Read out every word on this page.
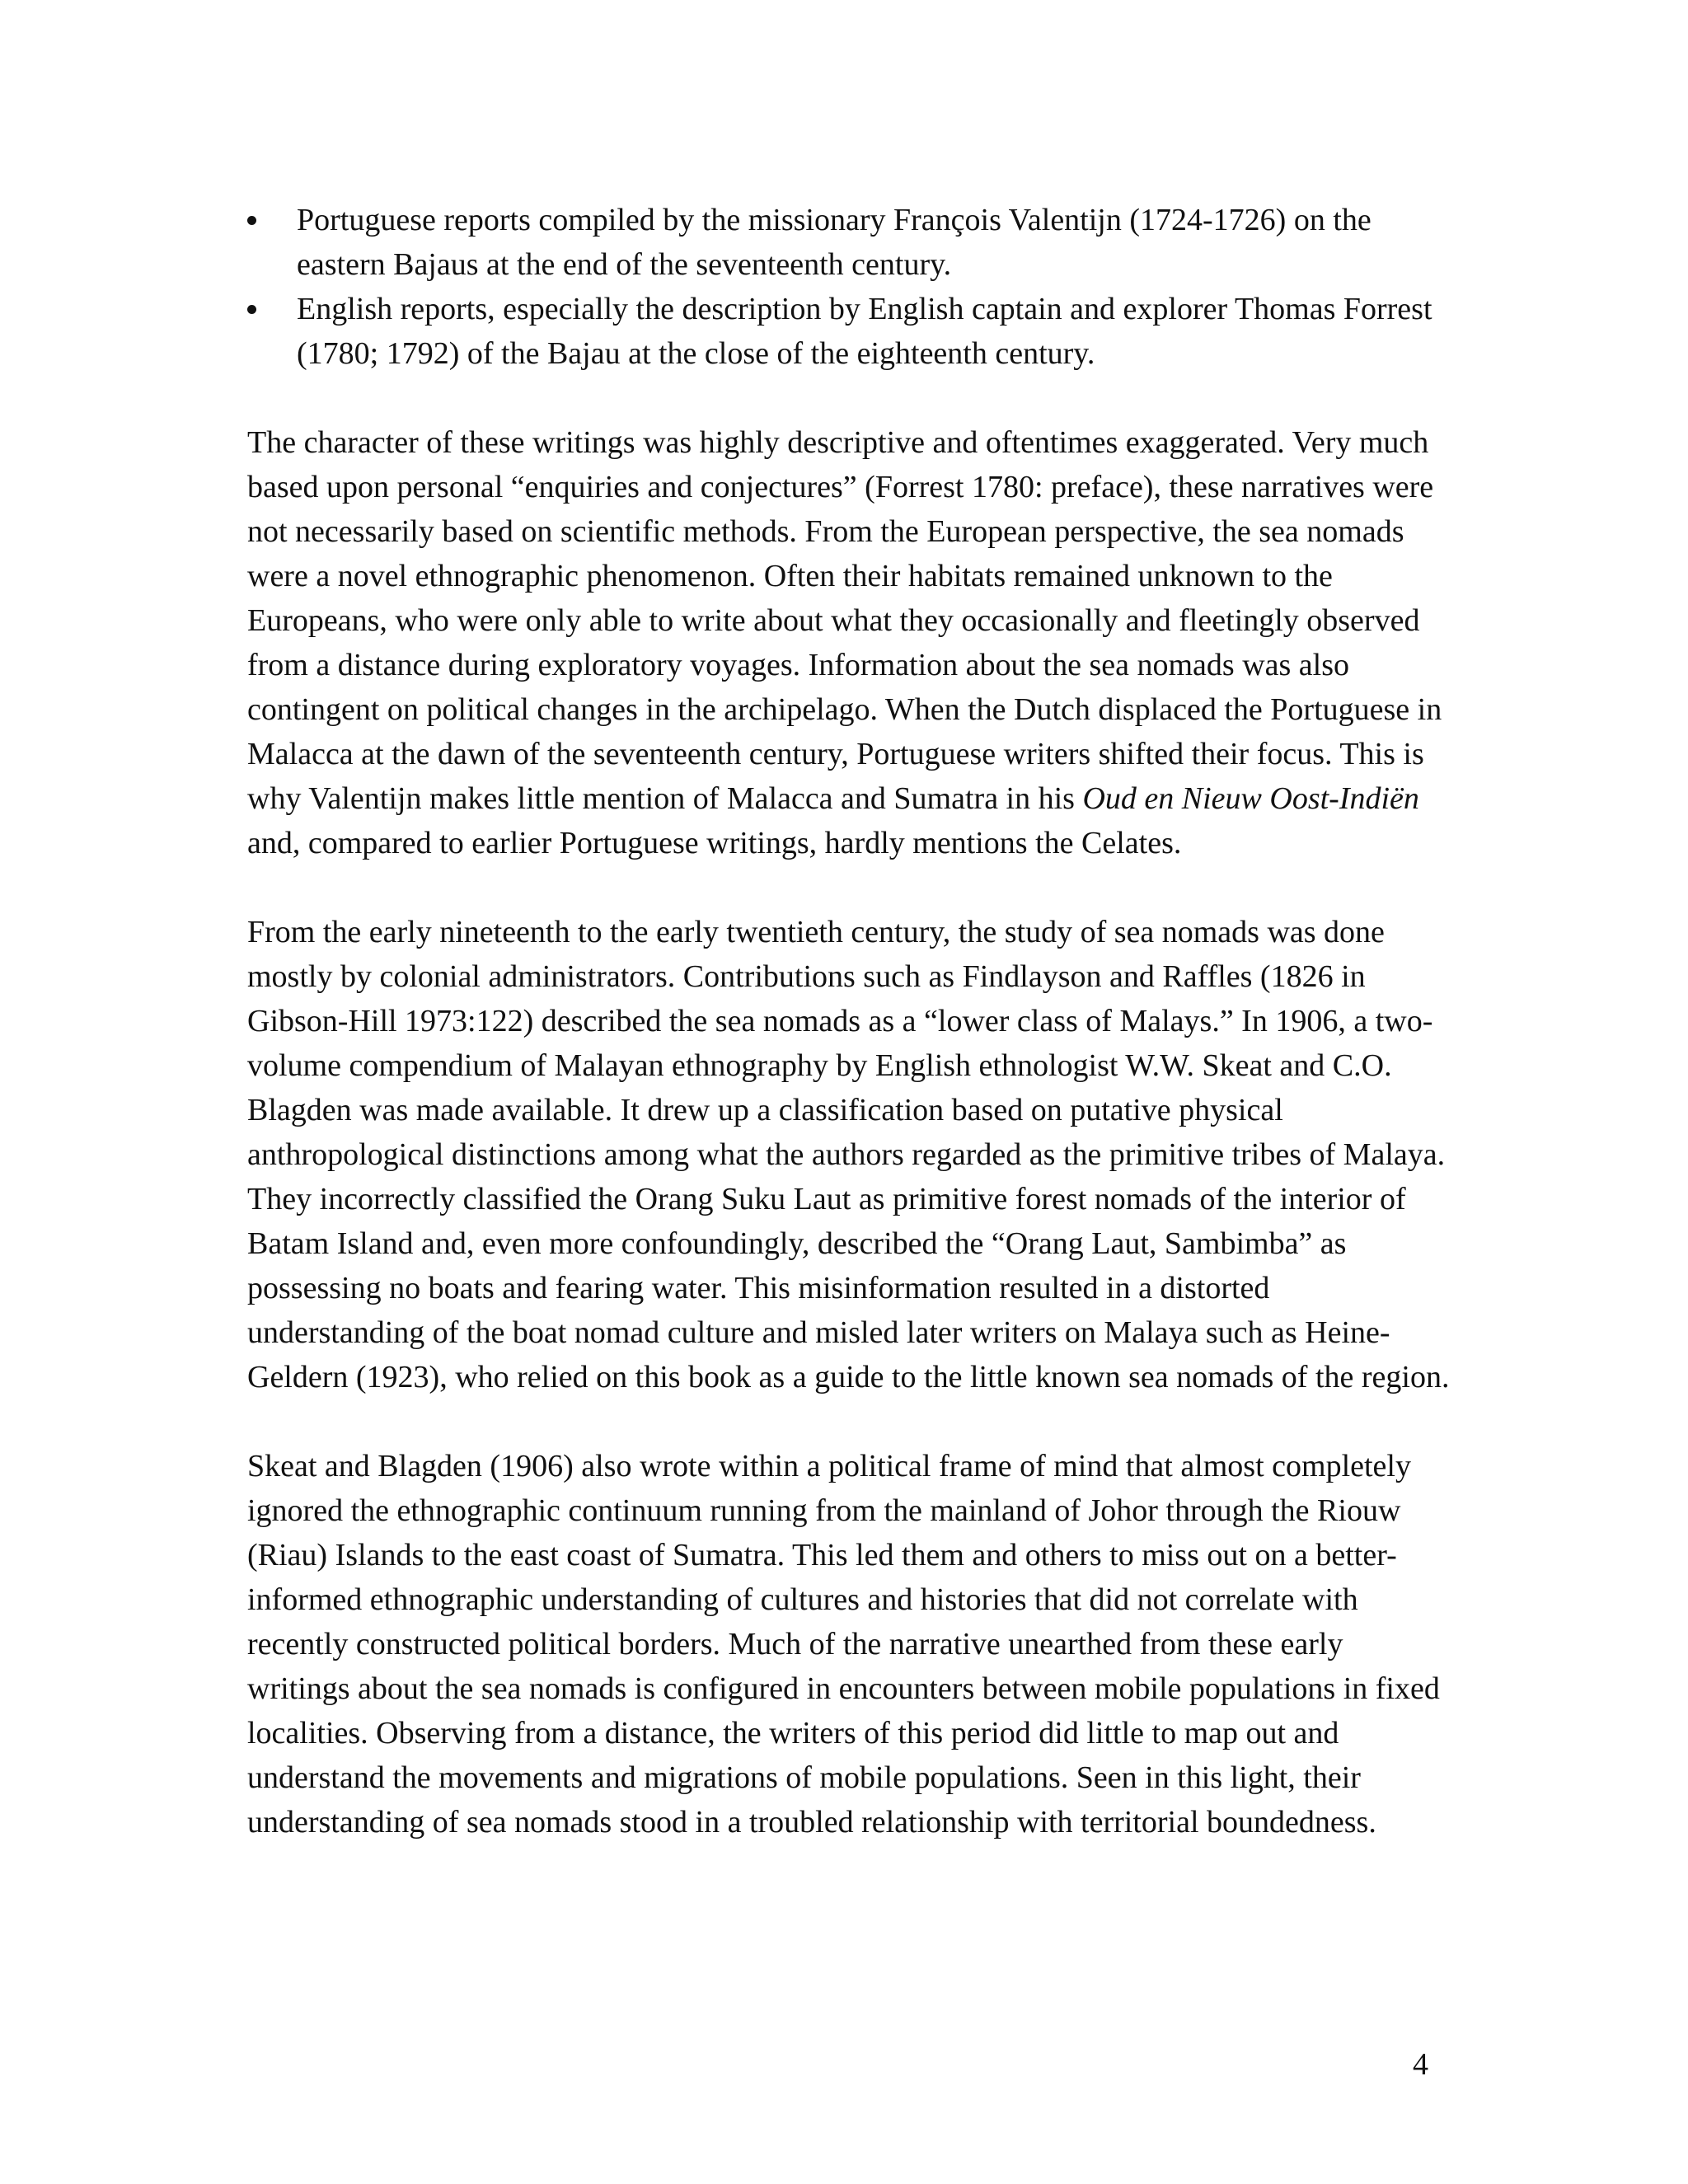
Portuguese reports compiled by the missionary François Valentijn (1724-1726) on the eastern Bajaus at the end of the seventeenth century.
English reports, especially the description by English captain and explorer Thomas Forrest (1780; 1792) of the Bajau at the close of the eighteenth century.

The character of these writings was highly descriptive and oftentimes exaggerated. Very much based upon personal “enquiries and conjectures” (Forrest 1780: preface), these narratives were not necessarily based on scientific methods. From the European perspective, the sea nomads were a novel ethnographic phenomenon. Often their habitats remained unknown to the Europeans, who were only able to write about what they occasionally and fleetingly observed from a distance during exploratory voyages. Information about the sea nomads was also contingent on political changes in the archipelago. When the Dutch displaced the Portuguese in Malacca at the dawn of the seventeenth century, Portuguese writers shifted their focus. This is why Valentijn makes little mention of Malacca and Sumatra in his Oud en Nieuw Oost-Indiën and, compared to earlier Portuguese writings, hardly mentions the Celates.

From the early nineteenth to the early twentieth century, the study of sea nomads was done mostly by colonial administrators. Contributions such as Findlayson and Raffles (1826 in Gibson-Hill 1973:122) described the sea nomads as a “lower class of Malays.” In 1906, a two-volume compendium of Malayan ethnography by English ethnologist W.W. Skeat and C.O. Blagden was made available. It drew up a classification based on putative physical anthropological distinctions among what the authors regarded as the primitive tribes of Malaya. They incorrectly classified the Orang Suku Laut as primitive forest nomads of the interior of Batam Island and, even more confoundingly, described the “Orang Laut, Sambimba” as possessing no boats and fearing water. This misinformation resulted in a distorted understanding of the boat nomad culture and misled later writers on Malaya such as Heine-Geldern (1923), who relied on this book as a guide to the little known sea nomads of the region.

Skeat and Blagden (1906) also wrote within a political frame of mind that almost completely ignored the ethnographic continuum running from the mainland of Johor through the Riouw (Riau) Islands to the east coast of Sumatra. This led them and others to miss out on a better-informed ethnographic understanding of cultures and histories that did not correlate with recently constructed political borders. Much of the narrative unearthed from these early writings about the sea nomads is configured in encounters between mobile populations in fixed localities. Observing from a distance, the writers of this period did little to map out and understand the movements and migrations of mobile populations. Seen in this light, their understanding of sea nomads stood in a troubled relationship with territorial boundedness.

4
